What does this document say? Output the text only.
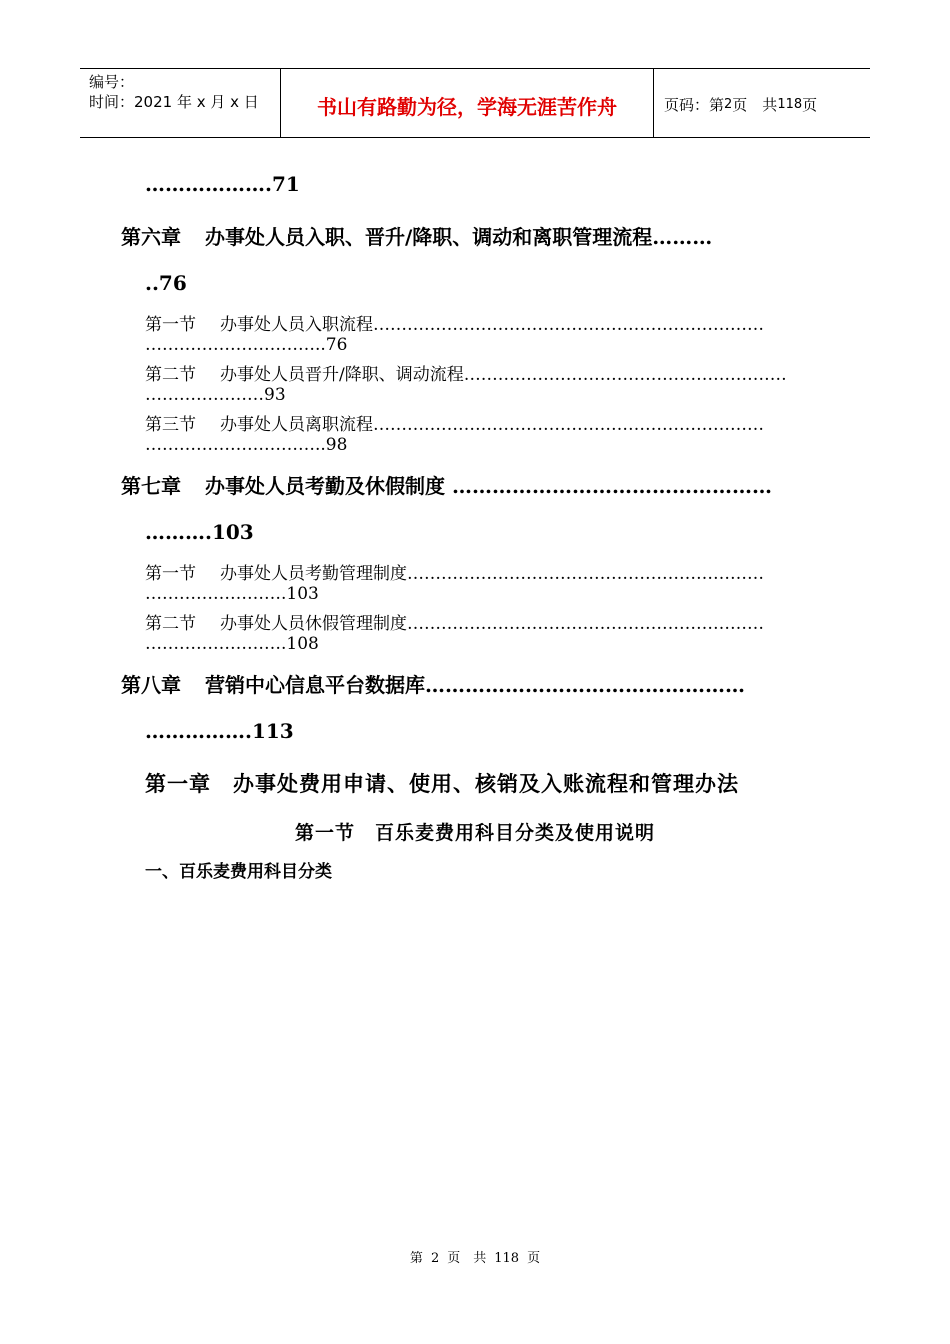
编号：
时间：2021 年 x 月 x 日	书山有路勤为径，学海无涯苦作舟	页码：第 2 页　共 118 页
……………….71
第六章 办事处人员入职、晋升/降职、调动和离职管理流程………
..76
第一节 办事处人员入职流程……………………………………………………………
…………………………..76
第二节 办事处人员晋升/降职、调动流程…………………………………………………
…………………93
第三节 办事处人员离职流程……………………………………………………………
…………………………..98
第七章 办事处人员考勤及休假制度 …………………………………………
……….103
第一节 办事处人员考勤管理制度………………………………………………………
…………………….103
第二节 办事处人员休假管理制度………………………………………………………
…………………….108
第八章 营销中心信息平台数据库…………………………………………
…………….113
第一章　办事处费用申请、使用、核销及入账流程和管理办法
第一节　百乐麦费用科目分类及使用说明
一、百乐麦费用科目分类
第 2 页　共 118 页
